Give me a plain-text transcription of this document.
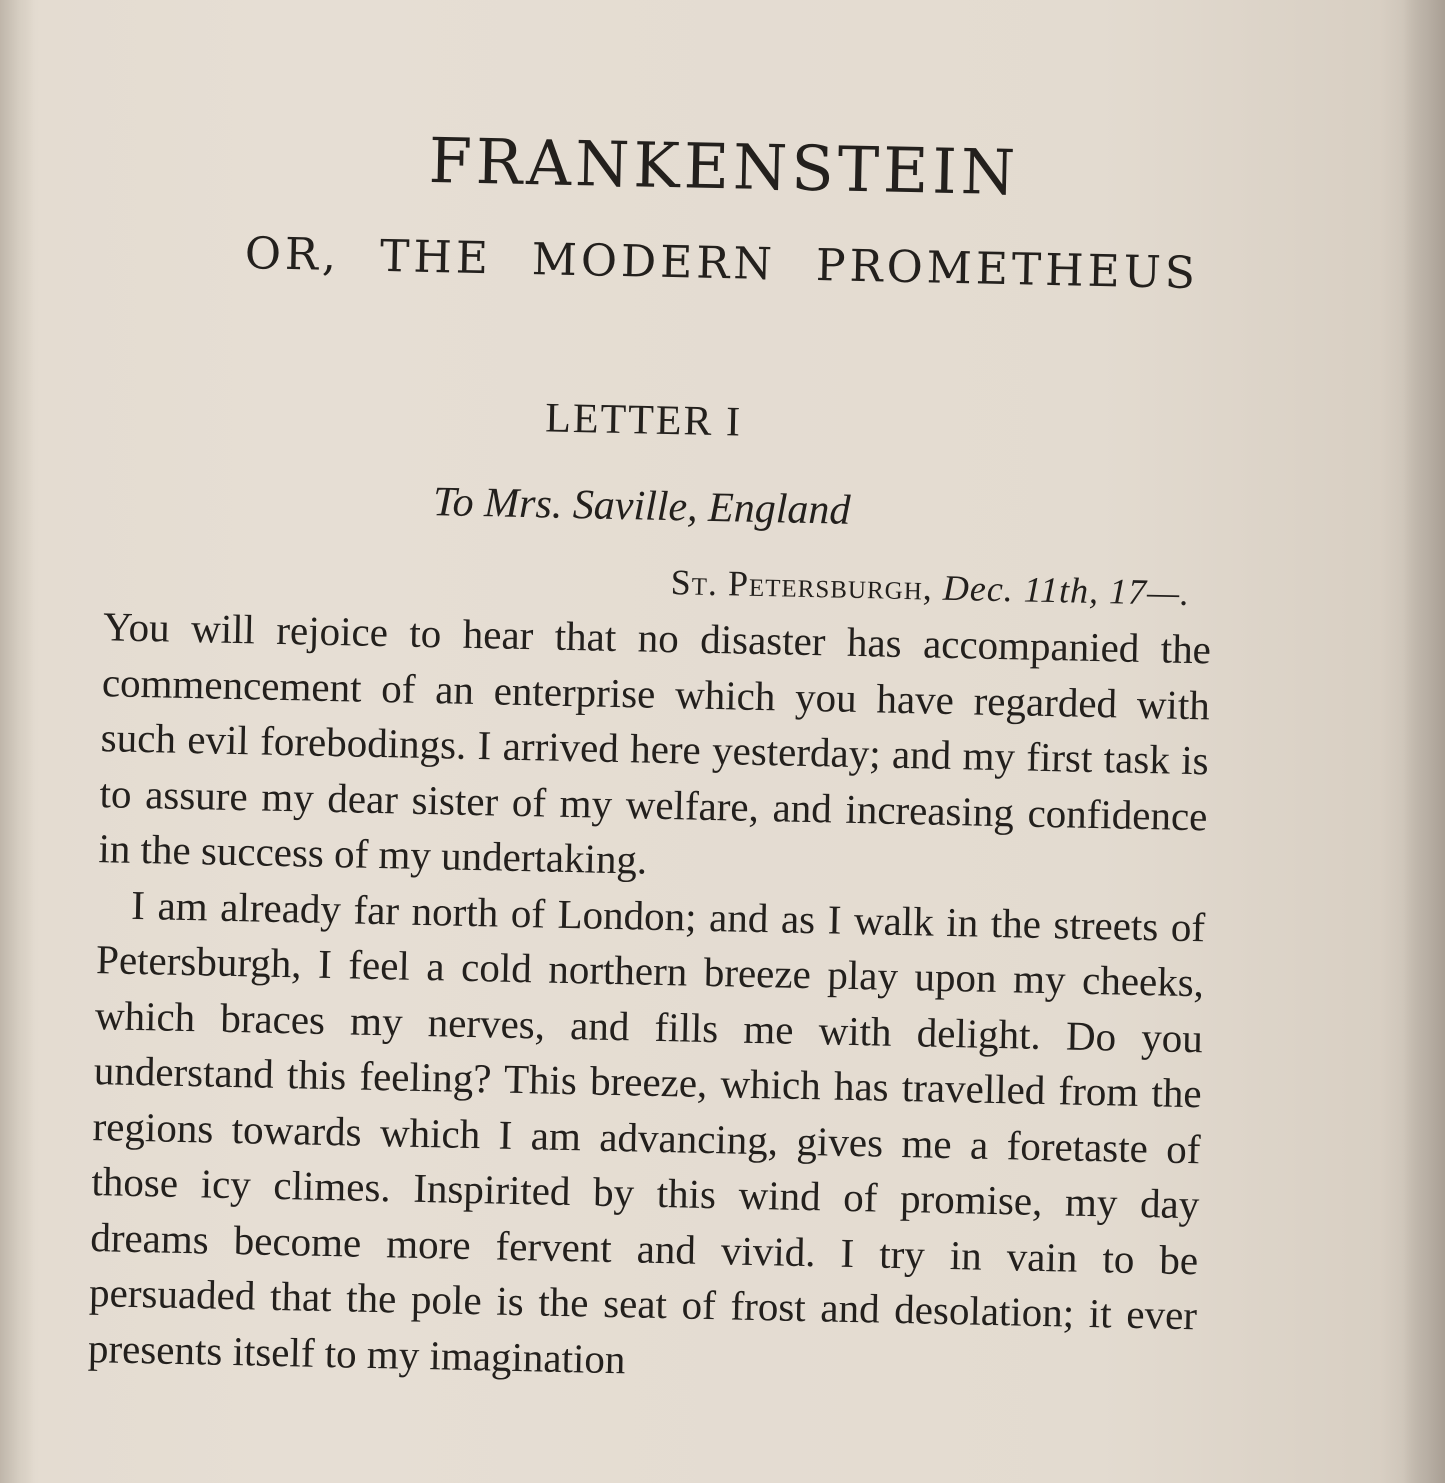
FRANKENSTEIN
OR, THE MODERN PROMETHEUS
LETTER I
To Mrs. Saville, England
St. Petersburgh, Dec. 11th, 17—.

You will rejoice to hear that no disaster has accompanied the commencement of an enterprise which you have regarded with such evil forebodings. I arrived here yesterday; and my first task is to assure my dear sister of my welfare, and increasing confidence in the success of my undertaking.

I am already far north of London; and as I walk in the streets of Petersburgh, I feel a cold northern breeze play upon my cheeks, which braces my nerves, and fills me with delight. Do you understand this feeling? This breeze, which has travelled from the regions towards which I am advancing, gives me a foretaste of those icy climes. Inspirited by this wind of promise, my day dreams become more fervent and vivid. I try in vain to be persuaded that the pole is the seat of frost and desolation; it ever presents itself to my imagination
